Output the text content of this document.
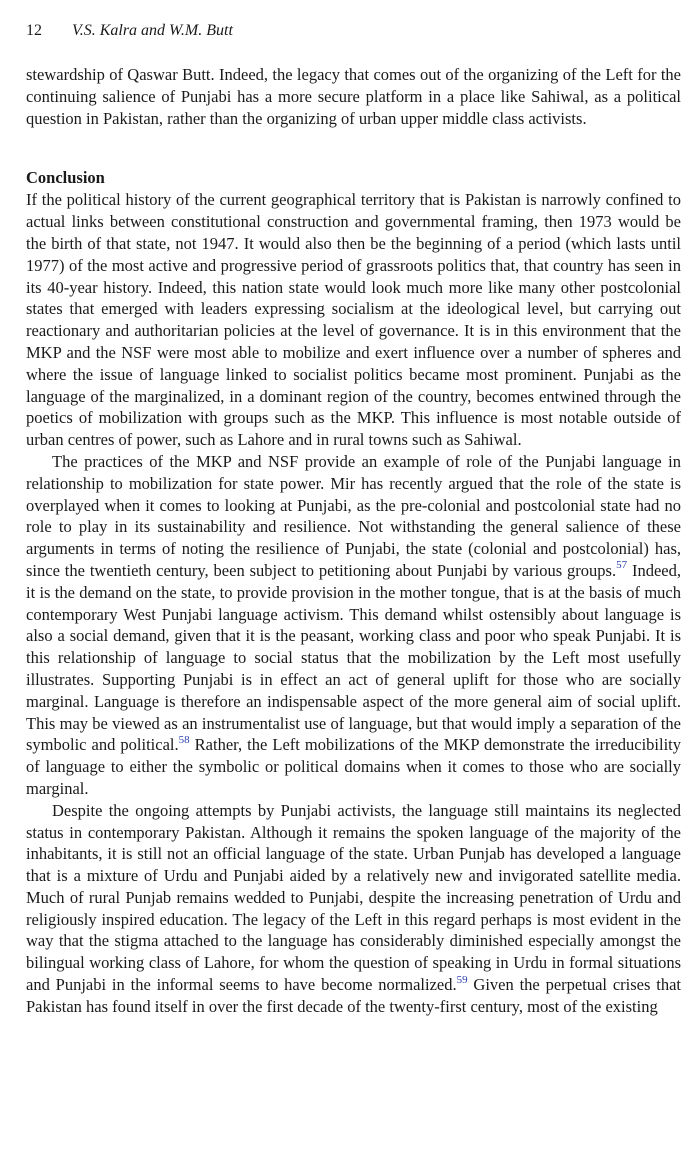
12 V.S. Kalra and W.M. Butt

stewardship of Qaswar Butt. Indeed, the legacy that comes out of the organizing of the Left for the continuing salience of Punjabi has a more secure platform in a place like Sahiwal, as a political question in Pakistan, rather than the organizing of urban upper middle class activists.

Conclusion

If the political history of the current geographical territory that is Pakistan is narrowly confined to actual links between constitutional construction and governmental framing, then 1973 would be the birth of that state, not 1947. It would also then be the beginning of a period (which lasts until 1977) of the most active and progressive period of grassroots politics that, that country has seen in its 40-year history. Indeed, this nation state would look much more like many other postcolonial states that emerged with leaders expressing socialism at the ideological level, but carrying out reactionary and authoritarian policies at the level of governance. It is in this environment that the MKP and the NSF were most able to mobilize and exert influence over a number of spheres and where the issue of language linked to socialist politics became most prominent. Punjabi as the language of the marginalized, in a dominant region of the country, becomes entwined through the poetics of mobilization with groups such as the MKP. This influence is most notable outside of urban centres of power, such as Lahore and in rural towns such as Sahiwal.

The practices of the MKP and NSF provide an example of role of the Punjabi language in relationship to mobilization for state power. Mir has recently argued that the role of the state is overplayed when it comes to looking at Punjabi, as the pre-colonial and postcolonial state had no role to play in its sustainability and resilience. Not withstanding the general salience of these arguments in terms of noting the resilience of Punjabi, the state (colonial and postcolonial) has, since the twentieth century, been subject to petitioning about Punjabi by various groups.$^{57}$ Indeed, it is the demand on the state, to provide provision in the mother tongue, that is at the basis of much contemporary West Punjabi language activism. This demand whilst ostensibly about language is also a social demand, given that it is the peasant, working class and poor who speak Punjabi. It is this relationship of language to social status that the mobilization by the Left most usefully illustrates. Supporting Punjabi is in effect an act of general uplift for those who are socially marginal. Language is therefore an indispensable aspect of the more general aim of social uplift. This may be viewed as an instrumentalist use of language, but that would imply a separation of the symbolic and political.$^{58}$ Rather, the Left mobilizations of the MKP demonstrate the irreducibility of language to either the symbolic or political domains when it comes to those who are socially marginal.

Despite the ongoing attempts by Punjabi activists, the language still maintains its neglected status in contemporary Pakistan. Although it remains the spoken language of the majority of the inhabitants, it is still not an official language of the state. Urban Punjab has developed a language that is a mixture of Urdu and Punjabi aided by a relatively new and invigorated satellite media. Much of rural Punjab remains wedded to Punjabi, despite the increasing penetration of Urdu and religiously inspired education. The legacy of the Left in this regard perhaps is most evident in the way that the stigma attached to the language has considerably diminished especially amongst the bilingual working class of Lahore, for whom the question of speaking in Urdu in formal situations and Punjabi in the informal seems to have become normalized.$^{59}$ Given the perpetual crises that Pakistan has found itself in over the first decade of the twenty-first century, most of the existing
